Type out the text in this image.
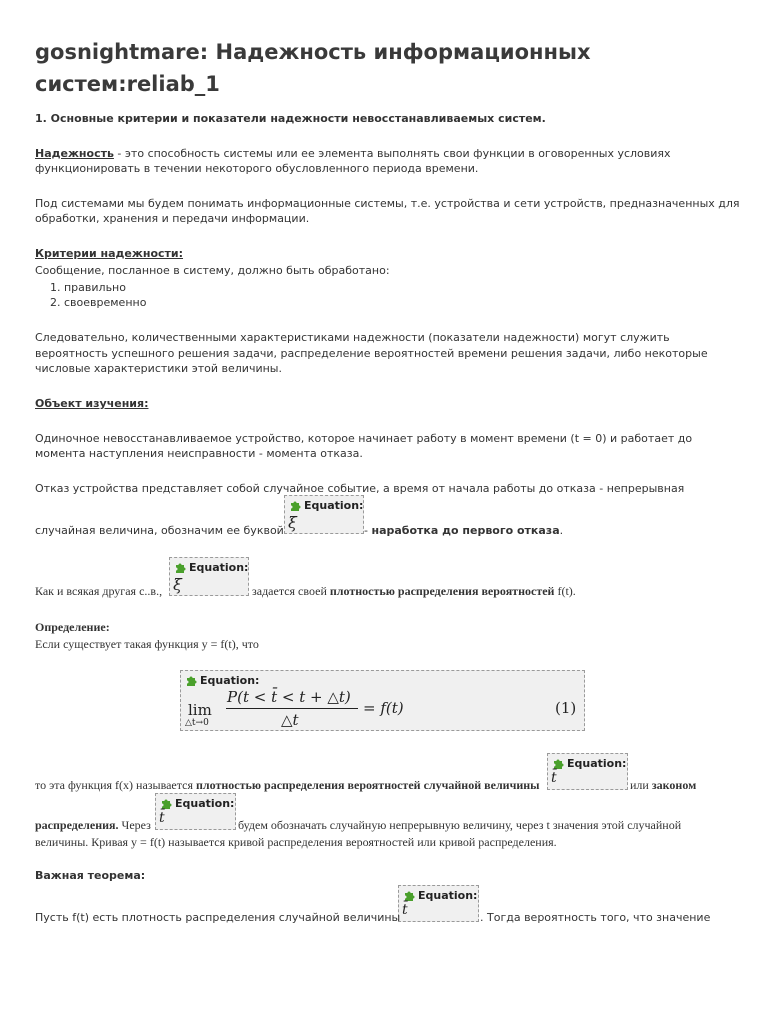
gosnightmare: Надежность информационных систем:reliab_1
1. Основные критерии и показатели надежности невосстанавливаемых систем.
Надежность - это способность системы или ее элемента выполнять свои функции в оговоренных условиях
функционировать в течении некоторого обусловленного периода времени.
Под системами мы будем понимать информационные системы, т.е. устройства и сети устройств, предназначенных для
обработки, хранения и передачи информации.
Критерии надежности:
Сообщение, посланное в систему, должно быть обработано:
1. правильно
2. своевременно
Следовательно, количественными характеристиками надежности (показатели надежности) могут служить
вероятность успешного решения задачи, распределение вероятностей времени решения задачи, либо некоторые
числовые характеристики этой величины.
Объект изучения:
Одиночное невосстанавливаемое устройство, которое начинает работу в момент времени (t = 0) и работает до
момента наступления неисправности - момента отказа.
Отказ устройства представляет собой случайное событие, а время от начала работы до отказа - непрерывная
Equation:
ξ
случайная величина, обозначим ее буквой	- наработка до первого отказа.
Equation:
ξ
Как и всякая другая с..в.,	задается своей плотностью распределения вероятностей f(t).
Определение:
Если существует такая функция y = f(t), что
Equation:
lim
△t→0
P(t < t̄ < t + △t)
△t
= f(t)	(1)
Equation:
t̄
то эта функция f(x) называется плотностью распределения вероятностей случайной величины	или законом
Equation:
t̄
распределения. Через	будем обозначать случайную непрерывную величину, через t значения этой случайной
величины. Кривая y = f(t) называется кривой распределения вероятностей или кривой распределения.
Важная теорема:
Equation:
t̄
Пусть f(t) есть плотность распределения случайной величины	. Тогда вероятность того, что значение
